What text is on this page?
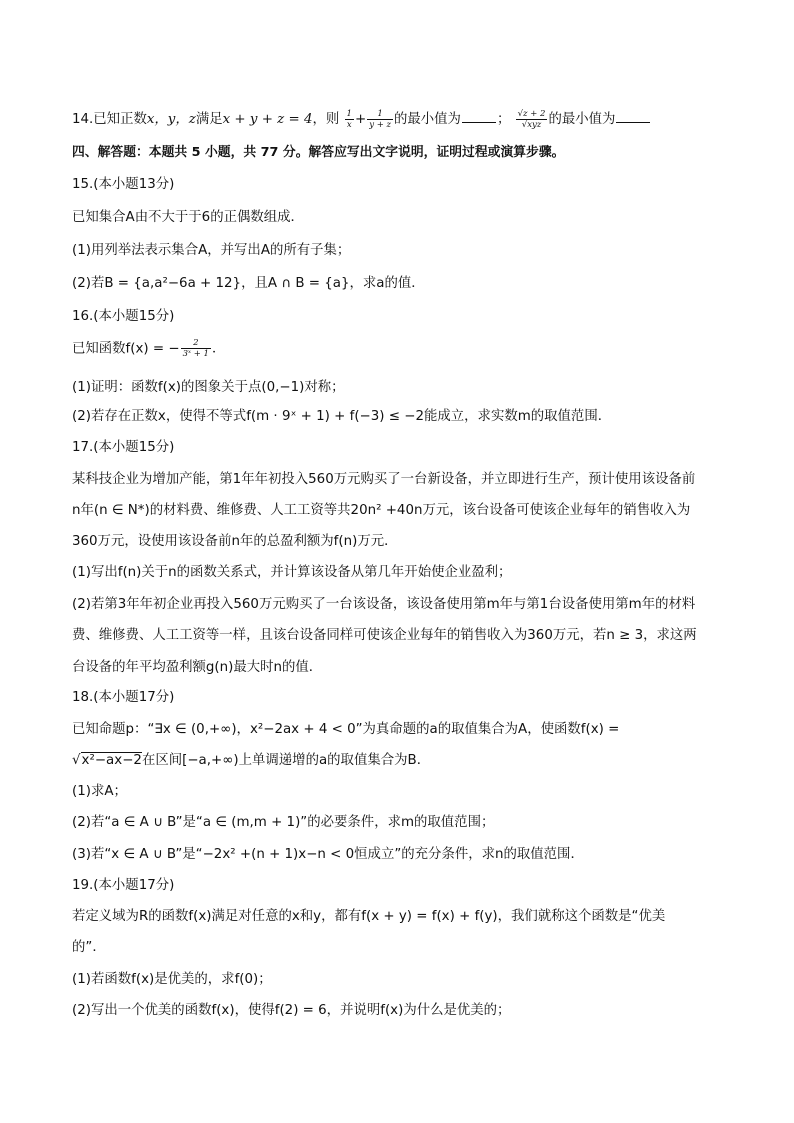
14.已知正数x，y，z满足x + y + z = 4，则 $\frac{1}{x} + \frac{1}{y + z}$ 的最小值为	； $\frac{√z + 2}{\text{√xyz}}$ 的最小值为
四、解答题：本题共 5 小题，共 77 分。解答应写出文字说明，证明过程或演算步骤。
15.(本小题13分)
已知集合A由不大于于6的正偶数组成．
(1)用列举法表示集合A，并写出A的所有子集；
(2)若B = {a,a²−6a + 12}，且A ∩ B = {a}，求a的值．
16.(本小题15分)
已知函数f(x) = − $\frac{2}{\text{3ˣ + 1}}$ ．
(1)证明：函数f(x)的图象关于点(0,−1)对称；
(2)若存在正数x，使得不等式f(m · 9ˣ + 1) + f(−3) ≤ −2能成立，求实数m的取值范围．
17.(本小题15分)
某科技企业为增加产能，第1年年初投入560万元购买了一台新设备，并立即进行生产，预计使用该设备前
n年(n ∈ N*)的材料费、维修费、人工工资等共20n² +40n万元，该台设备可使该企业每年的销售收入为
360万元，设使用该设备前n年的总盈利额为f(n)万元．
(1)写出f(n)关于n的函数关系式，并计算该设备从第几年开始使企业盈利；
(2)若第3年年初企业再投入560万元购买了一台该设备，该设备使用第m年与第1台设备使用第m年的材料
费、维修费、人工工资等一样，且该台设备同样可使该企业每年的销售收入为360万元，若n ≥ 3，求这两
台设备的年平均盈利额g(n)最大时n的值．
18.(本小题17分)
已知命题p：“∃x ∈ (0,+∞)，x²−2ax + 4 < 0”为真命题的a的取值集合为A，使函数f(x) =
√x²−ax−2在区间[−a,+∞)上单调递增的a的取值集合为B．
(1)求A；
(2)若“a ∈ A ∪ B”是“a ∈ (m,m + 1)”的必要条件，求m的取值范围；
(3)若“x ∈ A ∪ B”是“−2x² +(n + 1)x−n < 0恒成立”的充分条件，求n的取值范围．
19.(本小题17分)
若定义域为R的函数f(x)满足对任意的x和y，都有f(x + y) = f(x) + f(y)，我们就称这个函数是“优美
的”．
(1)若函数f(x)是优美的，求f(0)；
(2)写出一个优美的函数f(x)，使得f(2) = 6，并说明f(x)为什么是优美的；
